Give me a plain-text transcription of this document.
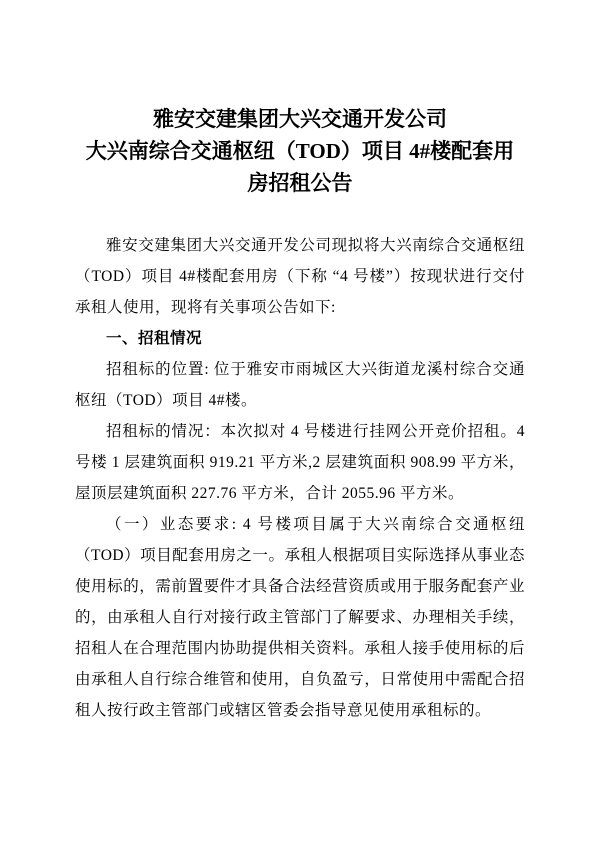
雅安交建集团大兴交通开发公司
大兴南综合交通枢纽（TOD）项目 4#楼配套用
房招租公告

雅安交建集团大兴交通开发公司现拟将大兴南综合交通枢纽（TOD）项目 4#楼配套用房（下称 “4 号楼”）按现状进行交付承租人使用，现将有关事项公告如下:

一、招租情况

招租标的位置: 位于雅安市雨城区大兴街道龙溪村综合交通枢纽（TOD）项目 4#楼。

招租标的情况：本次拟对 4 号楼进行挂网公开竞价招租。4 号楼 1 层建筑面积 919.21 平方米,2 层建筑面积 908.99 平方米，屋顶层建筑面积 227.76 平方米，合计 2055.96 平方米。

（一）业态要求: 4 号楼项目属于大兴南综合交通枢纽（TOD）项目配套用房之一。承租人根据项目实际选择从事业态使用标的，需前置要件才具备合法经营资质或用于服务配套产业的，由承租人自行对接行政主管部门了解要求、办理相关手续，招租人在合理范围内协助提供相关资料。承租人接手使用标的后由承租人自行综合维管和使用，自负盈亏，日常使用中需配合招租人按行政主管部门或辖区管委会指导意见使用承租标的。
